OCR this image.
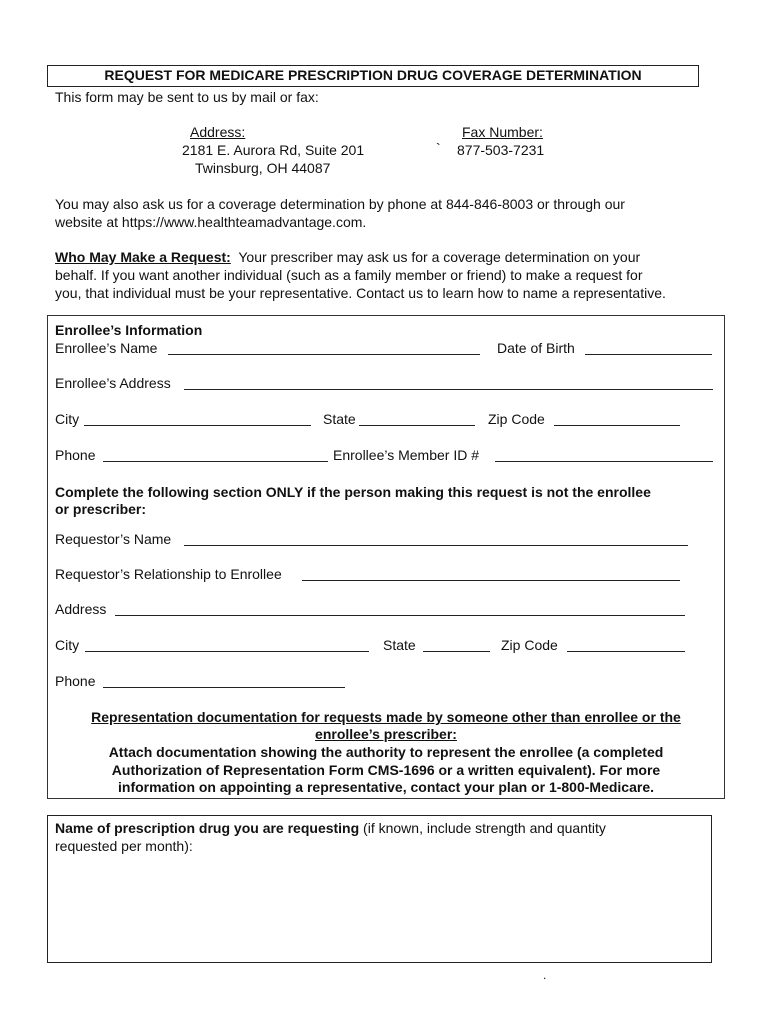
REQUEST FOR MEDICARE PRESCRIPTION DRUG COVERAGE DETERMINATION
This form may be sent to us by mail or fax:
Address:
2181 E. Aurora Rd, Suite 201
Twinsburg, OH 44087
`
Fax Number:
877-503-7231
You may also ask us for a coverage determination by phone at 844-846-8003 or through our
website at https://www.healthteamadvantage.com.
Who May Make a Request:  Your prescriber may ask us for a coverage determination on your
behalf. If you want another individual (such as a family member or friend) to make a request for
you, that individual must be your representative. Contact us to learn how to name a representative.
Enrollee’s Information
Enrollee’s Name	Date of Birth
Enrollee’s Address
City	State	Zip Code
Phone	Enrollee’s Member ID #
Complete the following section ONLY if the person making this request is not the enrollee
or prescriber:
Requestor’s Name
Requestor’s Relationship to Enrollee
Address
City	State	Zip Code
Phone
Representation documentation for requests made by someone other than enrollee or the
enrollee’s prescriber:
Attach documentation showing the authority to represent the enrollee (a completed
Authorization of Representation Form CMS-1696 or a written equivalent). For more
information on appointing a representative, contact your plan or 1-800-Medicare.
Name of prescription drug you are requesting (if known, include strength and quantity
requested per month):
.
